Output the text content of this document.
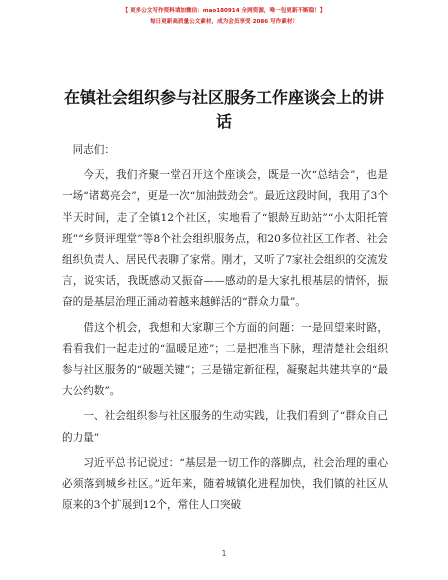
【 更多公文写作资料请加微信：mao180914 全网资源，唯一包更新不断稳！】
每日更新高质量公文素材，成为会员享受 2086 写作素材！
在镇社会组织参与社区服务工作座谈会上的讲话

同志们：

今天，我们齐聚一堂召开这个座谈会，既是一次“总结会”，也是一场“诸葛亮会”，更是一次“加油鼓劲会”。最近这段时间，我用了3个半天时间，走了全镇12个社区，实地看了“银龄互助站”“小太阳托管班”“乡贤评理堂”等8个社会组织服务点，和20多位社区工作者、社会组织负责人、居民代表聊了家常。刚才，又听了7家社会组织的交流发言，说实话，我既感动又振奋——感动的是大家扎根基层的情怀，振奋的是基层治理正涌动着越来越鲜活的“群众力量”。

借这个机会，我想和大家聊三个方面的问题：一是回望来时路，看看我们一起走过的“温暖足迹”；二是把准当下脉，理清楚社会组织参与社区服务的“破题关键”；三是锚定新征程，凝聚起共建共享的“最大公约数”。

一、社会组织参与社区服务的生动实践，让我们看到了“群众自己的力量”

习近平总书记说过：“基层是一切工作的落脚点，社会治理的重心必须落到城乡社区。”近年来，随着城镇化进程加快，我们镇的社区从原来的3个扩展到12个，常住人口突破

1
